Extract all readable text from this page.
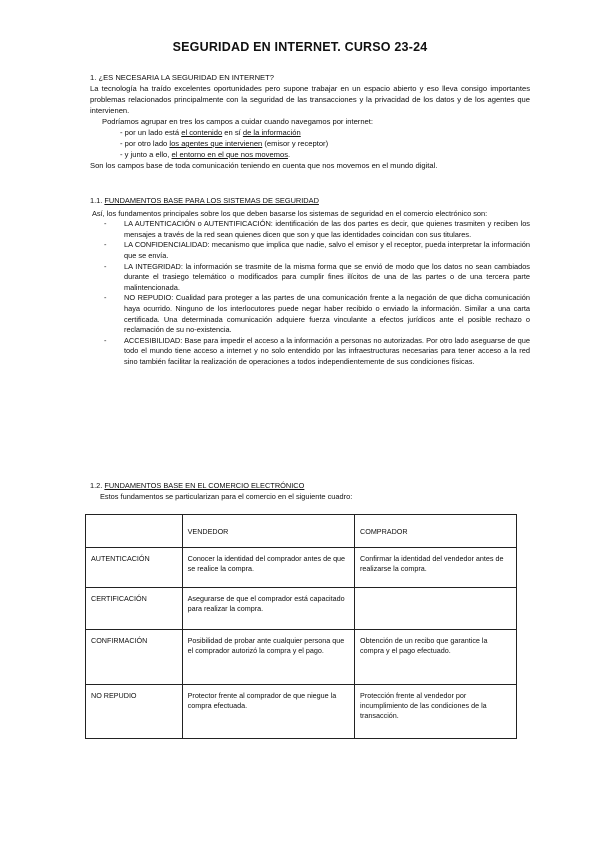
SEGURIDAD EN INTERNET. CURSO 23-24

1. ¿ES NECESARIA LA SEGURIDAD EN INTERNET?

La tecnología ha traído excelentes oportunidades pero supone trabajar en un espacio abierto y eso lleva consigo importantes problemas relacionados principalmente con la seguridad de las transacciones y la privacidad de los datos y de los agentes que intervienen.

Podríamos agrupar en tres los campos a cuidar cuando navegamos por internet:

- por un lado está el contenido en sí de la información

- por otro lado los agentes que intervienen (emisor y receptor)

- y junto a ello, el entorno en el que nos movemos.

Son los campos base de toda comunicación teniendo en cuenta que nos movemos en el mundo digital.

1.1. FUNDAMENTOS BASE PARA LOS SISTEMAS DE SEGURIDAD

Así, los fundamentos principales sobre los que deben basarse los sistemas de seguridad en el comercio electrónico son:

- LA AUTENTICACIÓN o AUTENTIFICACIÓN: identificación de las dos partes es decir, que quienes trasmiten y reciben los mensajes a través de la red sean quienes dicen que son y que las identidades coincidan con sus titulares.

- LA CONFIDENCIALIDAD: mecanismo que implica que nadie, salvo el emisor y el receptor, pueda interpretar la información que se envía.

- LA INTEGRIDAD: la información se trasmite de la misma forma que se envió de modo que los datos no sean cambiados durante el trasiego telemático o modificados para cumplir fines ilícitos de una de las partes o de una tercera parte malintencionada.

- NO REPUDIO: Cualidad para proteger a las partes de una comunicación frente a la negación de que dicha comunicación haya ocurrido. Ninguno de los interlocutores puede negar haber recibido o enviado la información. Similar a una carta certificada. Una determinada comunicación adquiere fuerza vinculante a efectos jurídicos ante el posible rechazo o reclamación de su no-existencia.

- ACCESIBILIDAD: Base para impedir el acceso a la información a personas no autorizadas. Por otro lado aseguarse de que todo el mundo tiene acceso a internet y no solo entendido por las infraestructuras necesarias para tener acceso a la red sino también facilitar la realización de operaciones a todos independientemente de sus condiciones físicas.

1.2. FUNDAMENTOS BASE EN EL COMERCIO ELECTRÓNICO

Estos fundamentos se particularizan para el comercio en el siguiente cuadro:

	VENDEDOR	COMPRADOR
AUTENTICACIÓN	Conocer la identidad del comprador antes de que se realice la compra.	Confirmar la identidad del vendedor antes de realizarse la compra.
CERTIFICACIÓN	Asegurarse de que el comprador está capacitado para realizar la compra.	
CONFIRMACIÓN	Posibilidad de probar ante cualquier persona que el comprador autorizó la compra y el pago.	Obtención de un recibo que garantice la compra y el pago efectuado.
NO REPUDIO	Protector frente al comprador de que niegue la compra efectuada.	Protección frente al vendedor por incumplimiento de las condiciones de la transacción.
